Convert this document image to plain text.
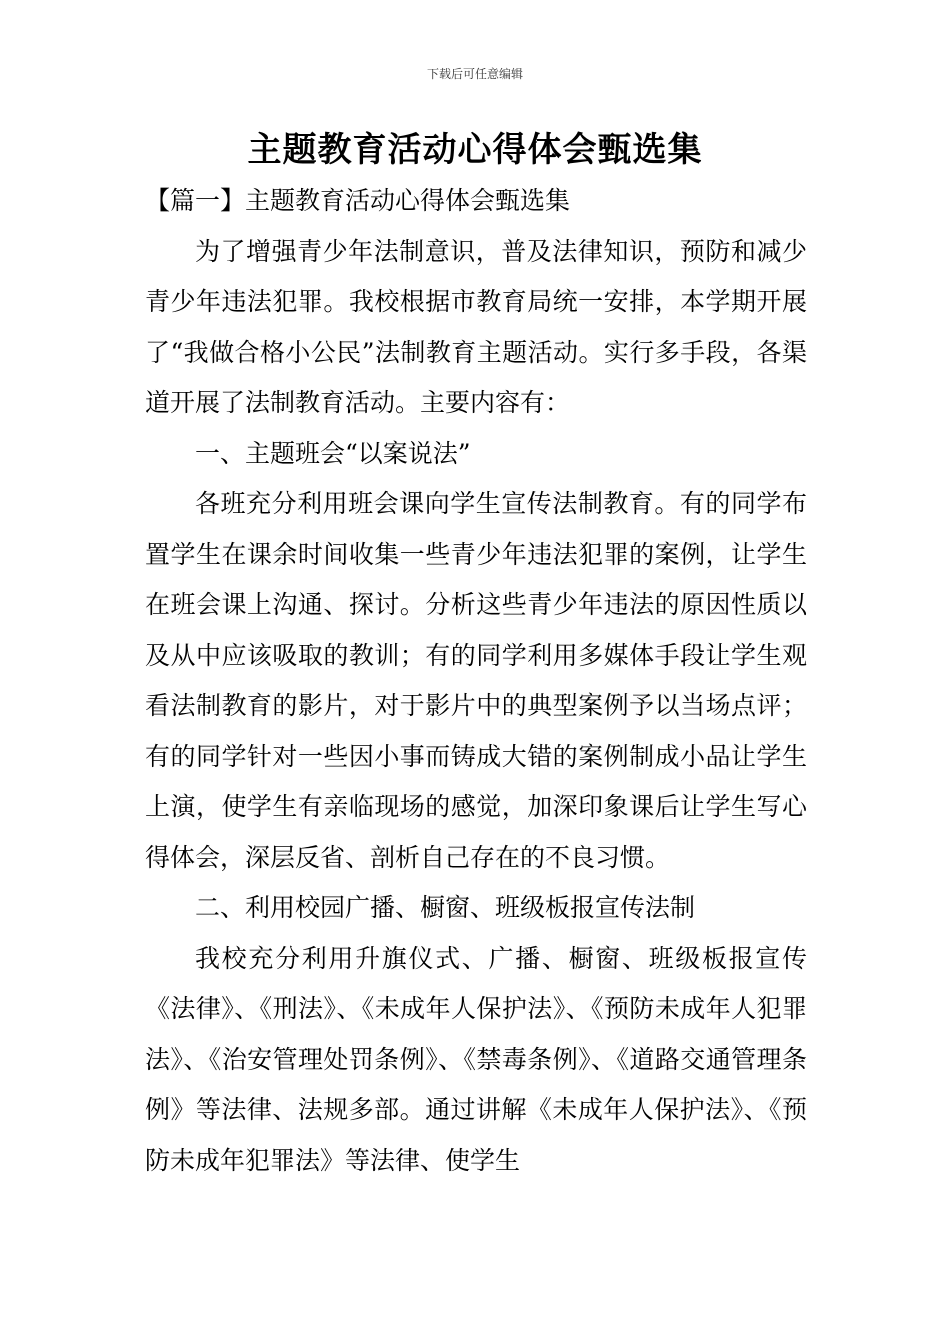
下载后可任意编辑
主题教育活动心得体会甄选集

【篇一】主题教育活动心得体会甄选集

为了增强青少年法制意识，普及法律知识，预防和减少青少年违法犯罪。我校根据市教育局统一安排，本学期开展了“我做合格小公民”法制教育主题活动。实行多手段，各渠道开展了法制教育活动。主要内容有：

一、主题班会“以案说法”

各班充分利用班会课向学生宣传法制教育。有的同学布置学生在课余时间收集一些青少年违法犯罪的案例，让学生在班会课上沟通、探讨。分析这些青少年违法的原因性质以及从中应该吸取的教训；有的同学利用多媒体手段让学生观看法制教育的影片，对于影片中的典型案例予以当场点评；有的同学针对一些因小事而铸成大错的案例制成小品让学生上演，使学生有亲临现场的感觉，加深印象课后让学生写心得体会，深层反省、剖析自己存在的不良习惯。

二、利用校园广播、橱窗、班级板报宣传法制

我校充分利用升旗仪式、广播、橱窗、班级板报宣传《法律》、《刑法》、《未成年人保护法》、《预防未成年人犯罪法》、《治安管理处罚条例》、《禁毒条例》、《道路交通管理条例》等法律、法规多部。通过讲解《未成年人保护法》、《预防未成年犯罪法》等法律、使学生
